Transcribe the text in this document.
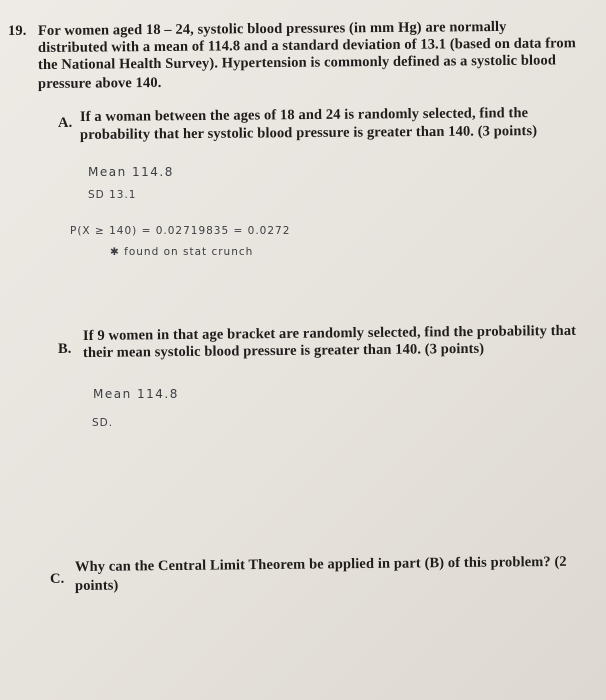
19. For women aged 18 – 24, systolic blood pressures (in mm Hg) are normally

distributed with a mean of 114.8 and a standard deviation of 13.1 (based on data from

the National Health Survey). Hypertension is commonly defined as a systolic blood

pressure above 140.

A. If a woman between the ages of 18 and 24 is randomly selected, find the

probability that her systolic blood pressure is greater than 140. (3 points)

Mean 114.8

SD 13.1

P(X ≥ 140) = 0.02719835 = 0.0272

✱ found on stat crunch

B.

If 9 women in that age bracket are randomly selected, find the probability that

their mean systolic blood pressure is greater than 140. (3 points)

Mean 114.8

SD.

C.

Why can the Central Limit Theorem be applied in part (B) of this problem? (2

points)
